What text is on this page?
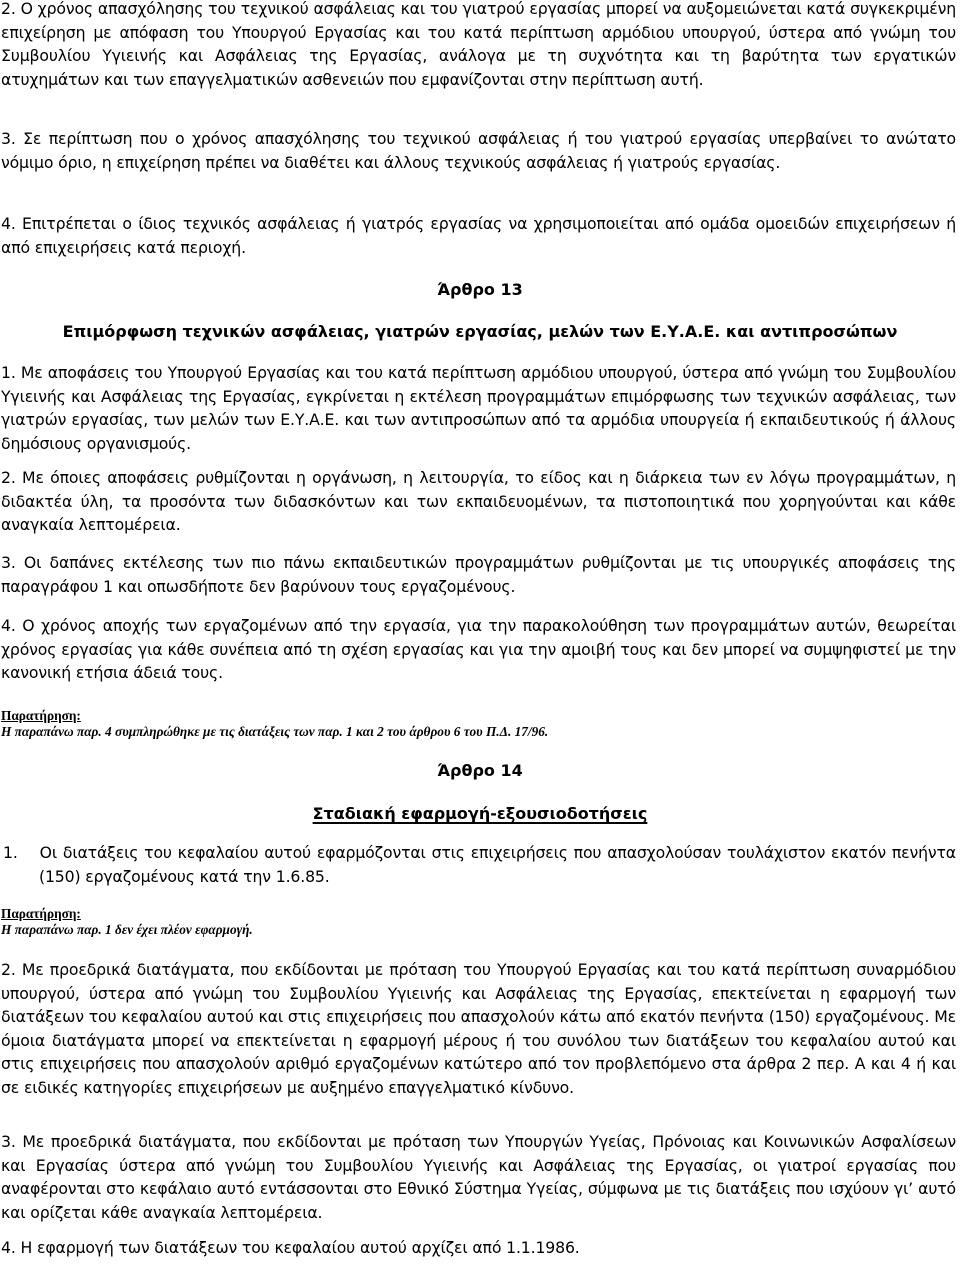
2. Ο χρόνος απασχόλησης του τεχνικού ασφάλειας και του γιατρού εργασίας μπορεί να αυξομειώνεται κατά συγκεκριμένη επιχείρηση με απόφαση του Υπουργού Εργασίας και του κατά περίπτωση αρμόδιου υπουργού, ύστερα από γνώμη του Συμβουλίου Υγιεινής και Ασφάλειας της Εργασίας, ανάλογα με τη συχνότητα και τη βαρύτητα των εργατικών ατυχημάτων και των επαγγελματικών ασθενειών που εμφανίζονται στην περίπτωση αυτή.

3. Σε περίπτωση που ο χρόνος απασχόλησης του τεχνικού ασφάλειας ή του γιατρού εργασίας υπερβαίνει το ανώτατο νόμιμο όριο, η επιχείρηση πρέπει να διαθέτει και άλλους τεχνικούς ασφάλειας ή γιατρούς εργασίας.

4. Επιτρέπεται ο ίδιος τεχνικός ασφάλειας ή γιατρός εργασίας να χρησιμοποιείται από ομάδα ομοειδών επιχειρήσεων ή από επιχειρήσεις κατά περιοχή.

Άρθρο 13
Επιμόρφωση τεχνικών ασφάλειας, γιατρών εργασίας, μελών των Ε.Υ.Α.Ε. και αντιπροσώπων

1. Με αποφάσεις του Υπουργού Εργασίας και του κατά περίπτωση αρμόδιου υπουργού, ύστερα από γνώμη του Συμβουλίου Υγιεινής και Ασφάλειας της Εργασίας, εγκρίνεται η εκτέλεση προγραμμάτων επιμόρφωσης των τεχνικών ασφάλειας, των γιατρών εργασίας, των μελών των Ε.Υ.Α.Ε. και των αντιπροσώπων από τα αρμόδια υπουργεία ή εκπαιδευτικούς ή άλλους δημόσιους οργανισμούς.

2. Με όποιες αποφάσεις ρυθμίζονται η οργάνωση, η λειτουργία, το είδος και η διάρκεια των εν λόγω προγραμμάτων, η διδακτέα ύλη, τα προσόντα των διδασκόντων και των εκπαιδευομένων, τα πιστοποιητικά που χορηγούνται και κάθε αναγκαία λεπτομέρεια.

3. Οι δαπάνες εκτέλεσης των πιο πάνω εκπαιδευτικών προγραμμάτων ρυθμίζονται με τις υπουργικές αποφάσεις της παραγράφου 1 και οπωσδήποτε δεν βαρύνουν τους εργαζομένους.

4. Ο χρόνος αποχής των εργαζομένων από την εργασία, για την παρακολούθηση των προγραμμάτων αυτών, θεωρείται χρόνος εργασίας για κάθε συνέπεια από τη σχέση εργασίας και για την αμοιβή τους και δεν μπορεί να συμψηφιστεί με την κανονική ετήσια άδειά τους.

Παρατήρηση:
Η παραπάνω παρ. 4 συμπληρώθηκε με τις διατάξεις των παρ. 1 και 2 του άρθρου 6 του Π.Δ. 17/96.
Άρθρο 14
Σταδιακή εφαρμογή-εξουσιοδοτήσεις

1. Οι διατάξεις του κεφαλαίου αυτού εφαρμόζονται στις επιχειρήσεις που απασχολούσαν τουλάχιστον εκατόν πενήντα (150) εργαζομένους κατά την 1.6.85.

Παρατήρηση:
Η παραπάνω παρ. 1 δεν έχει πλέον εφαρμογή.

2. Με προεδρικά διατάγματα, που εκδίδονται με πρόταση του Υπουργού Εργασίας και του κατά περίπτωση συναρμόδιου υπουργού, ύστερα από γνώμη του Συμβουλίου Υγιεινής και Ασφάλειας της Εργασίας, επεκτείνεται η εφαρμογή των διατάξεων του κεφαλαίου αυτού και στις επιχειρήσεις που απασχολούν κάτω από εκατόν πενήντα (150) εργαζομένους. Με όμοια διατάγματα μπορεί να επεκτείνεται η εφαρμογή μέρους ή του συνόλου των διατάξεων του κεφαλαίου αυτού και στις επιχειρήσεις που απασχολούν αριθμό εργαζομένων κατώτερο από τον προβλεπόμενο στα άρθρα 2 περ. Α και 4 ή και σε ειδικές κατηγορίες επιχειρήσεων με αυξημένο επαγγελματικό κίνδυνο.

3. Με προεδρικά διατάγματα, που εκδίδονται με πρόταση των Υπουργών Υγείας, Πρόνοιας και Κοινωνικών Ασφαλίσεων και Εργασίας ύστερα από γνώμη του Συμβουλίου Υγιεινής και Ασφάλειας της Εργασίας, οι γιατροί εργασίας που αναφέρονται στο κεφάλαιο αυτό εντάσσονται στο Εθνικό Σύστημα Υγείας, σύμφωνα με τις διατάξεις που ισχύουν γι’ αυτό και ορίζεται κάθε αναγκαία λεπτομέρεια.

4. Η εφαρμογή των διατάξεων του κεφαλαίου αυτού αρχίζει από 1.1.1986.
